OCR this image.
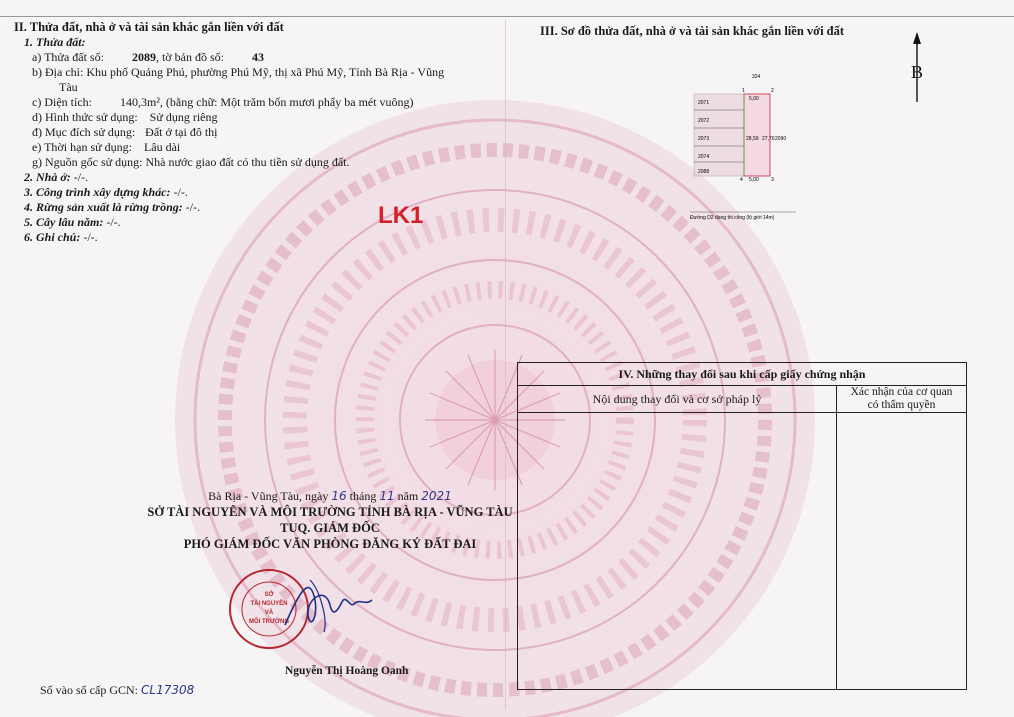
II. Thửa đất, nhà ở và tài sản khác gắn liền với đất
1. Thửa đất:
a) Thửa đất số: 2089, tờ bản đồ số: 43
b) Địa chỉ: Khu phố Quảng Phú, phường Phú Mỹ, thị xã Phú Mỹ, Tỉnh Bà Rịa - Vũng
Tàu
c) Diện tích: 140,3m², (bằng chữ: Một trăm bốn mươi phẩy ba mét vuông)
d) Hình thức sử dụng: Sử dụng riêng
đ) Mục đích sử dụng: Đất ở tại đô thị
e) Thời hạn sử dụng: Lâu dài
g) Nguồn gốc sử dụng: Nhà nước giao đất có thu tiền sử dụng đất.
2. Nhà ở: -/-.
3. Công trình xây dựng khác: -/-.
4. Rừng sản xuất là rừng trồng: -/-.
5. Cây lâu năm: -/-.
6. Ghi chú: -/-.
LK1
III. Sơ đồ thửa đất, nhà ở và tài sản khác gắn liền với đất
324
2071
2072
2073
2074
2088
2090
5,00
5,00
28,59 27,70
1	2
3
4
Đường D2 đang thi công (lộ giới 14m)
B
IV. Những thay đổi sau khi cấp giấy chứng nhận
Nội dung thay đổi và cơ sở pháp lý	Xác nhận của cơ quan
có thẩm quyền
Bà Rịa - Vũng Tàu, ngày 16 tháng 11 năm 2021
SỞ TÀI NGUYÊN VÀ MÔI TRƯỜNG TỈNH BÀ RỊA - VŨNG TÀU
TUQ. GIÁM ĐỐC
PHÓ GIÁM ĐỐC VĂN PHÒNG ĐĂNG KÝ ĐẤT ĐAI
SỞ
TÀI NGUYÊN
VÀ
MÔI TRƯỜNG
Nguyễn Thị Hoàng Oanh
Số vào sổ cấp GCN: CL17308
